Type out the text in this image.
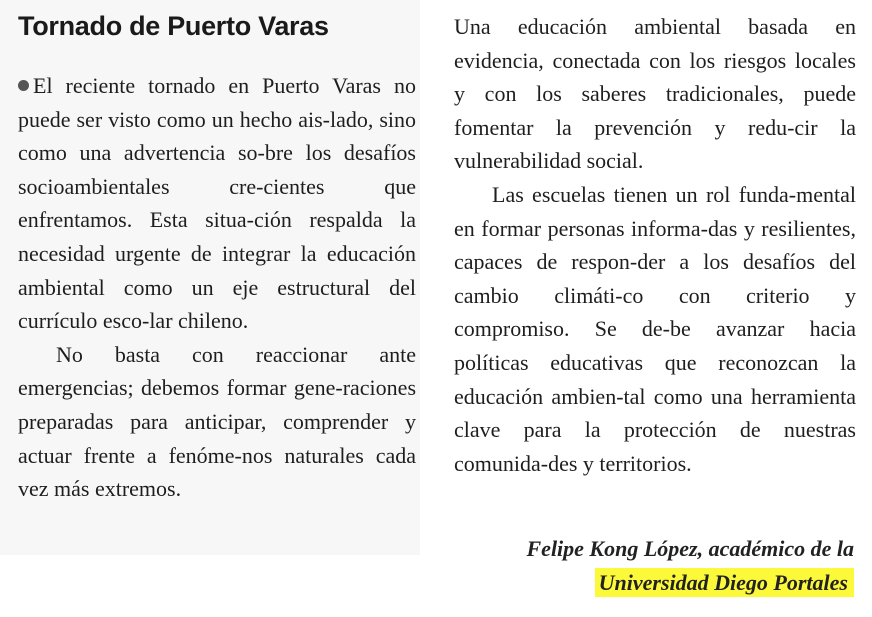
Tornado de Puerto Varas

El reciente tornado en Puerto Varas no puede ser visto como un hecho ais-lado, sino como una advertencia so-bre los desafíos socioambientales cre-cientes que enfrentamos. Esta situa-ción respalda la necesidad urgente de integrar la educación ambiental como un eje estructural del currículo esco-lar chileno.

No basta con reaccionar ante emergencias; debemos formar gene-raciones preparadas para anticipar, comprender y actuar frente a fenóme-nos naturales cada vez más extremos.

Una educación ambiental basada en evidencia, conectada con los riesgos locales y con los saberes tradicionales, puede fomentar la prevención y redu-cir la vulnerabilidad social.

Las escuelas tienen un rol funda-mental en formar personas informa-das y resilientes, capaces de respon-der a los desafíos del cambio climáti-co con criterio y compromiso. Se de-be avanzar hacia políticas educativas que reconozcan la educación ambien-tal como una herramienta clave para la protección de nuestras comunida-des y territorios.

Felipe Kong López, académico de la
Universidad Diego Portales
